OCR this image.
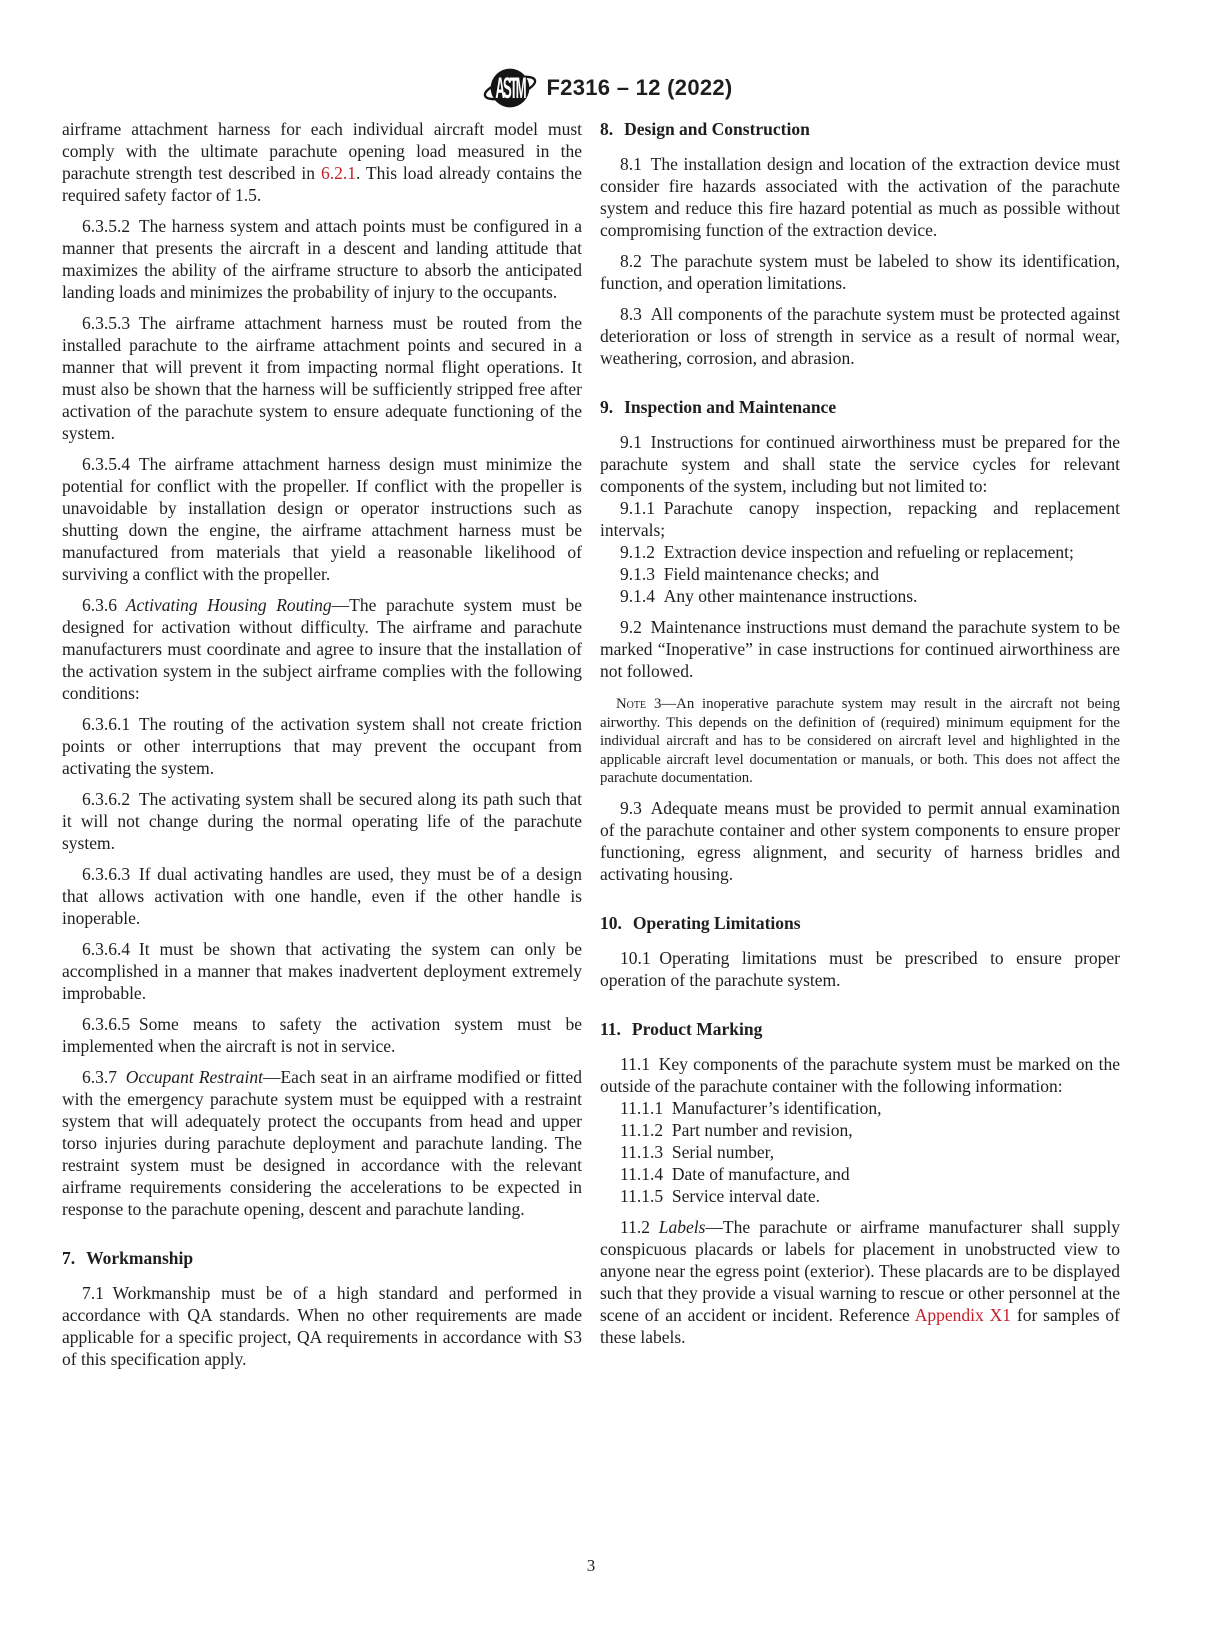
ASTM F2316 – 12 (2022)

airframe attachment harness for each individual aircraft model must comply with the ultimate parachute opening load measured in the parachute strength test described in 6.2.1. This load already contains the required safety factor of 1.5.

6.3.5.2 The harness system and attach points must be configured in a manner that presents the aircraft in a descent and landing attitude that maximizes the ability of the airframe structure to absorb the anticipated landing loads and minimizes the probability of injury to the occupants.

6.3.5.3 The airframe attachment harness must be routed from the installed parachute to the airframe attachment points and secured in a manner that will prevent it from impacting normal flight operations. It must also be shown that the harness will be sufficiently stripped free after activation of the parachute system to ensure adequate functioning of the system.

6.3.5.4 The airframe attachment harness design must minimize the potential for conflict with the propeller. If conflict with the propeller is unavoidable by installation design or operator instructions such as shutting down the engine, the airframe attachment harness must be manufactured from materials that yield a reasonable likelihood of surviving a conflict with the propeller.

6.3.6 Activating Housing Routing—The parachute system must be designed for activation without difficulty. The airframe and parachute manufacturers must coordinate and agree to insure that the installation of the activation system in the subject airframe complies with the following conditions:

6.3.6.1 The routing of the activation system shall not create friction points or other interruptions that may prevent the occupant from activating the system.

6.3.6.2 The activating system shall be secured along its path such that it will not change during the normal operating life of the parachute system.

6.3.6.3 If dual activating handles are used, they must be of a design that allows activation with one handle, even if the other handle is inoperable.

6.3.6.4 It must be shown that activating the system can only be accomplished in a manner that makes inadvertent deployment extremely improbable.

6.3.6.5 Some means to safety the activation system must be implemented when the aircraft is not in service.

6.3.7 Occupant Restraint—Each seat in an airframe modified or fitted with the emergency parachute system must be equipped with a restraint system that will adequately protect the occupants from head and upper torso injuries during parachute deployment and parachute landing. The restraint system must be designed in accordance with the relevant airframe requirements considering the accelerations to be expected in response to the parachute opening, descent and parachute landing.

7. Workmanship

7.1 Workmanship must be of a high standard and performed in accordance with QA standards. When no other requirements are made applicable for a specific project, QA requirements in accordance with S3 of this specification apply.

8. Design and Construction

8.1 The installation design and location of the extraction device must consider fire hazards associated with the activation of the parachute system and reduce this fire hazard potential as much as possible without compromising function of the extraction device.

8.2 The parachute system must be labeled to show its identification, function, and operation limitations.

8.3 All components of the parachute system must be protected against deterioration or loss of strength in service as a result of normal wear, weathering, corrosion, and abrasion.

9. Inspection and Maintenance

9.1 Instructions for continued airworthiness must be prepared for the parachute system and shall state the service cycles for relevant components of the system, including but not limited to:

9.1.1 Parachute canopy inspection, repacking and replacement intervals;

9.1.2 Extraction device inspection and refueling or replacement;

9.1.3 Field maintenance checks; and

9.1.4 Any other maintenance instructions.

9.2 Maintenance instructions must demand the parachute system to be marked “Inoperative” in case instructions for continued airworthiness are not followed.

Note 3—An inoperative parachute system may result in the aircraft not being airworthy. This depends on the definition of (required) minimum equipment for the individual aircraft and has to be considered on aircraft level and highlighted in the applicable aircraft level documentation or manuals, or both. This does not affect the parachute documentation.

9.3 Adequate means must be provided to permit annual examination of the parachute container and other system components to ensure proper functioning, egress alignment, and security of harness bridles and activating housing.

10. Operating Limitations

10.1 Operating limitations must be prescribed to ensure proper operation of the parachute system.

11. Product Marking

11.1 Key components of the parachute system must be marked on the outside of the parachute container with the following information:

11.1.1 Manufacturer’s identification,

11.1.2 Part number and revision,

11.1.3 Serial number,

11.1.4 Date of manufacture, and

11.1.5 Service interval date.

11.2 Labels—The parachute or airframe manufacturer shall supply conspicuous placards or labels for placement in unobstructed view to anyone near the egress point (exterior). These placards are to be displayed such that they provide a visual warning to rescue or other personnel at the scene of an accident or incident. Reference Appendix X1 for samples of these labels.

3
